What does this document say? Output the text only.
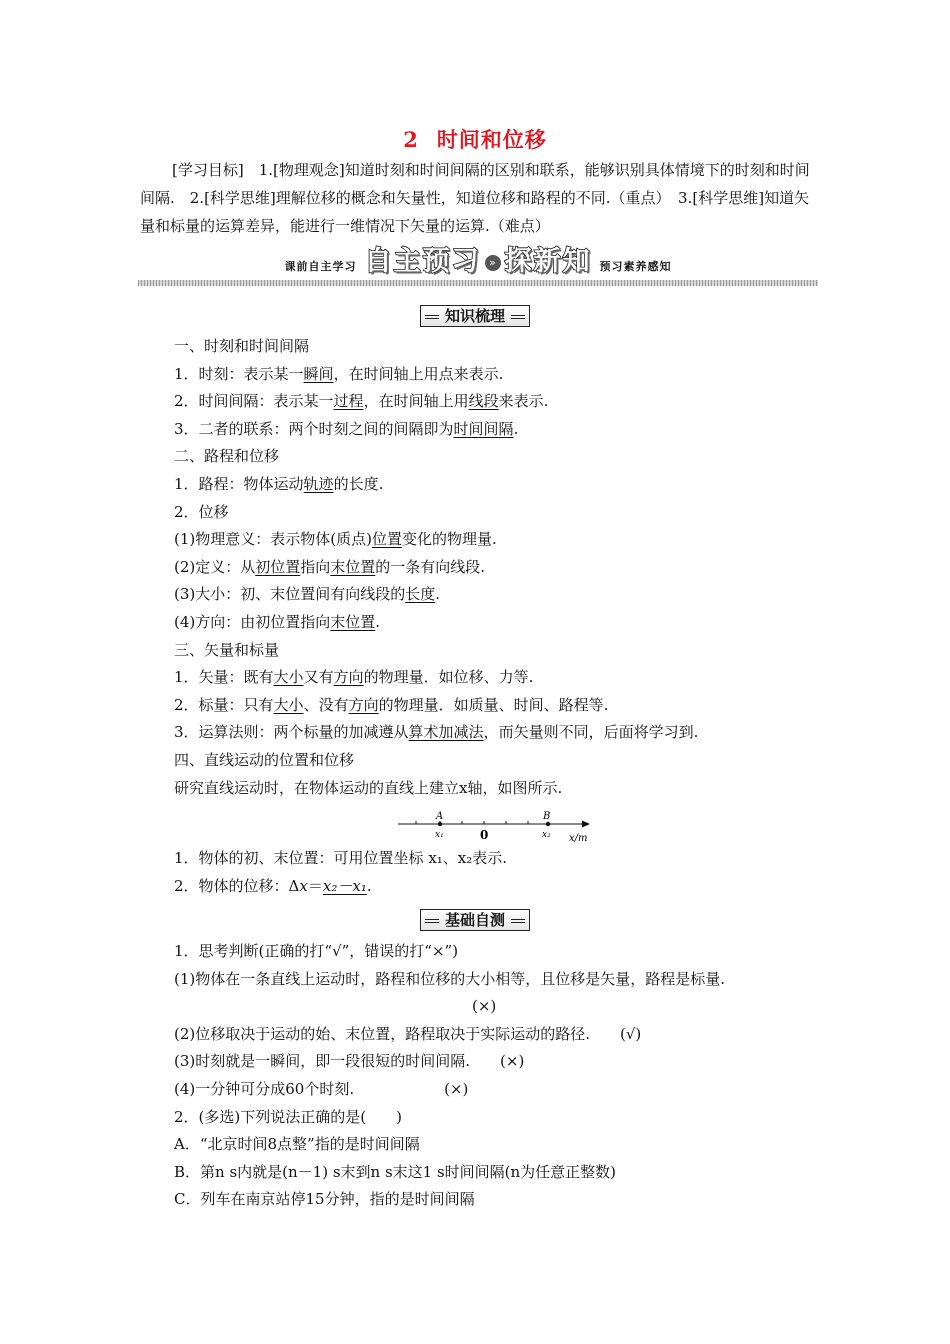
2 时间和位移
[学习目标]　1.[物理观念]知道时刻和时间间隔的区别和联系，能够识别具体情境下的时刻和时间间隔.　2.[科学思维]理解位移的概念和矢量性，知道位移和路程的不同.（重点）　3.[科学思维]知道矢量和标量的运算差异，能进行一维情况下矢量的运算.（难点）
课前自主学习 自主预习 » 探新知 预习素养感知
知识梳理
一、时刻和时间间隔
1．时刻：表示某一瞬间，在时间轴上用点来表示.
2．时间间隔：表示某一过程，在时间轴上用线段来表示.
3．二者的联系：两个时刻之间的间隔即为时间间隔.
二、路程和位移
1．路程：物体运动轨迹的长度.
2．位移
(1)物理意义：表示物体(质点)位置变化的物理量.
(2)定义：从初位置指向末位置的一条有向线段.
(3)大小：初、末位置间有向线段的长度.
(4)方向：由初位置指向末位置.
三、矢量和标量
1．矢量：既有大小又有方向的物理量．如位移、力等.
2．标量：只有大小、没有方向的物理量．如质量、时间、路程等.
3．运算法则：两个标量的加减遵从算术加减法，而矢量则不同，后面将学习到.
四、直线运动的位置和位移
研究直线运动时，在物体运动的直线上建立x轴，如图所示.
A	B
x₁	0	x₂ x/m
1．物体的初、末位置：可用位置坐标 x₁、x₂表示.
2．物体的位移：Δx＝x₂－x₁.
基础自测
1．思考判断(正确的打“√”，错误的打“×”)
(1)物体在一条直线上运动时，路程和位移的大小相等，且位移是矢量，路程是标量.
(×)
(2)位移取决于运动的始、末位置，路程取决于实际运动的路径.　　(√)
(3)时刻就是一瞬间，即一段很短的时间间隔.　　(×)
(4)一分钟可分成60个时刻.　　　　　　(×)
2．(多选)下列说法正确的是(　　)
A．“北京时间8点整”指的是时间间隔
B．第n s内就是(n－1) s末到n s末这1 s时间间隔(n为任意正整数)
C．列车在南京站停15分钟，指的是时间间隔
